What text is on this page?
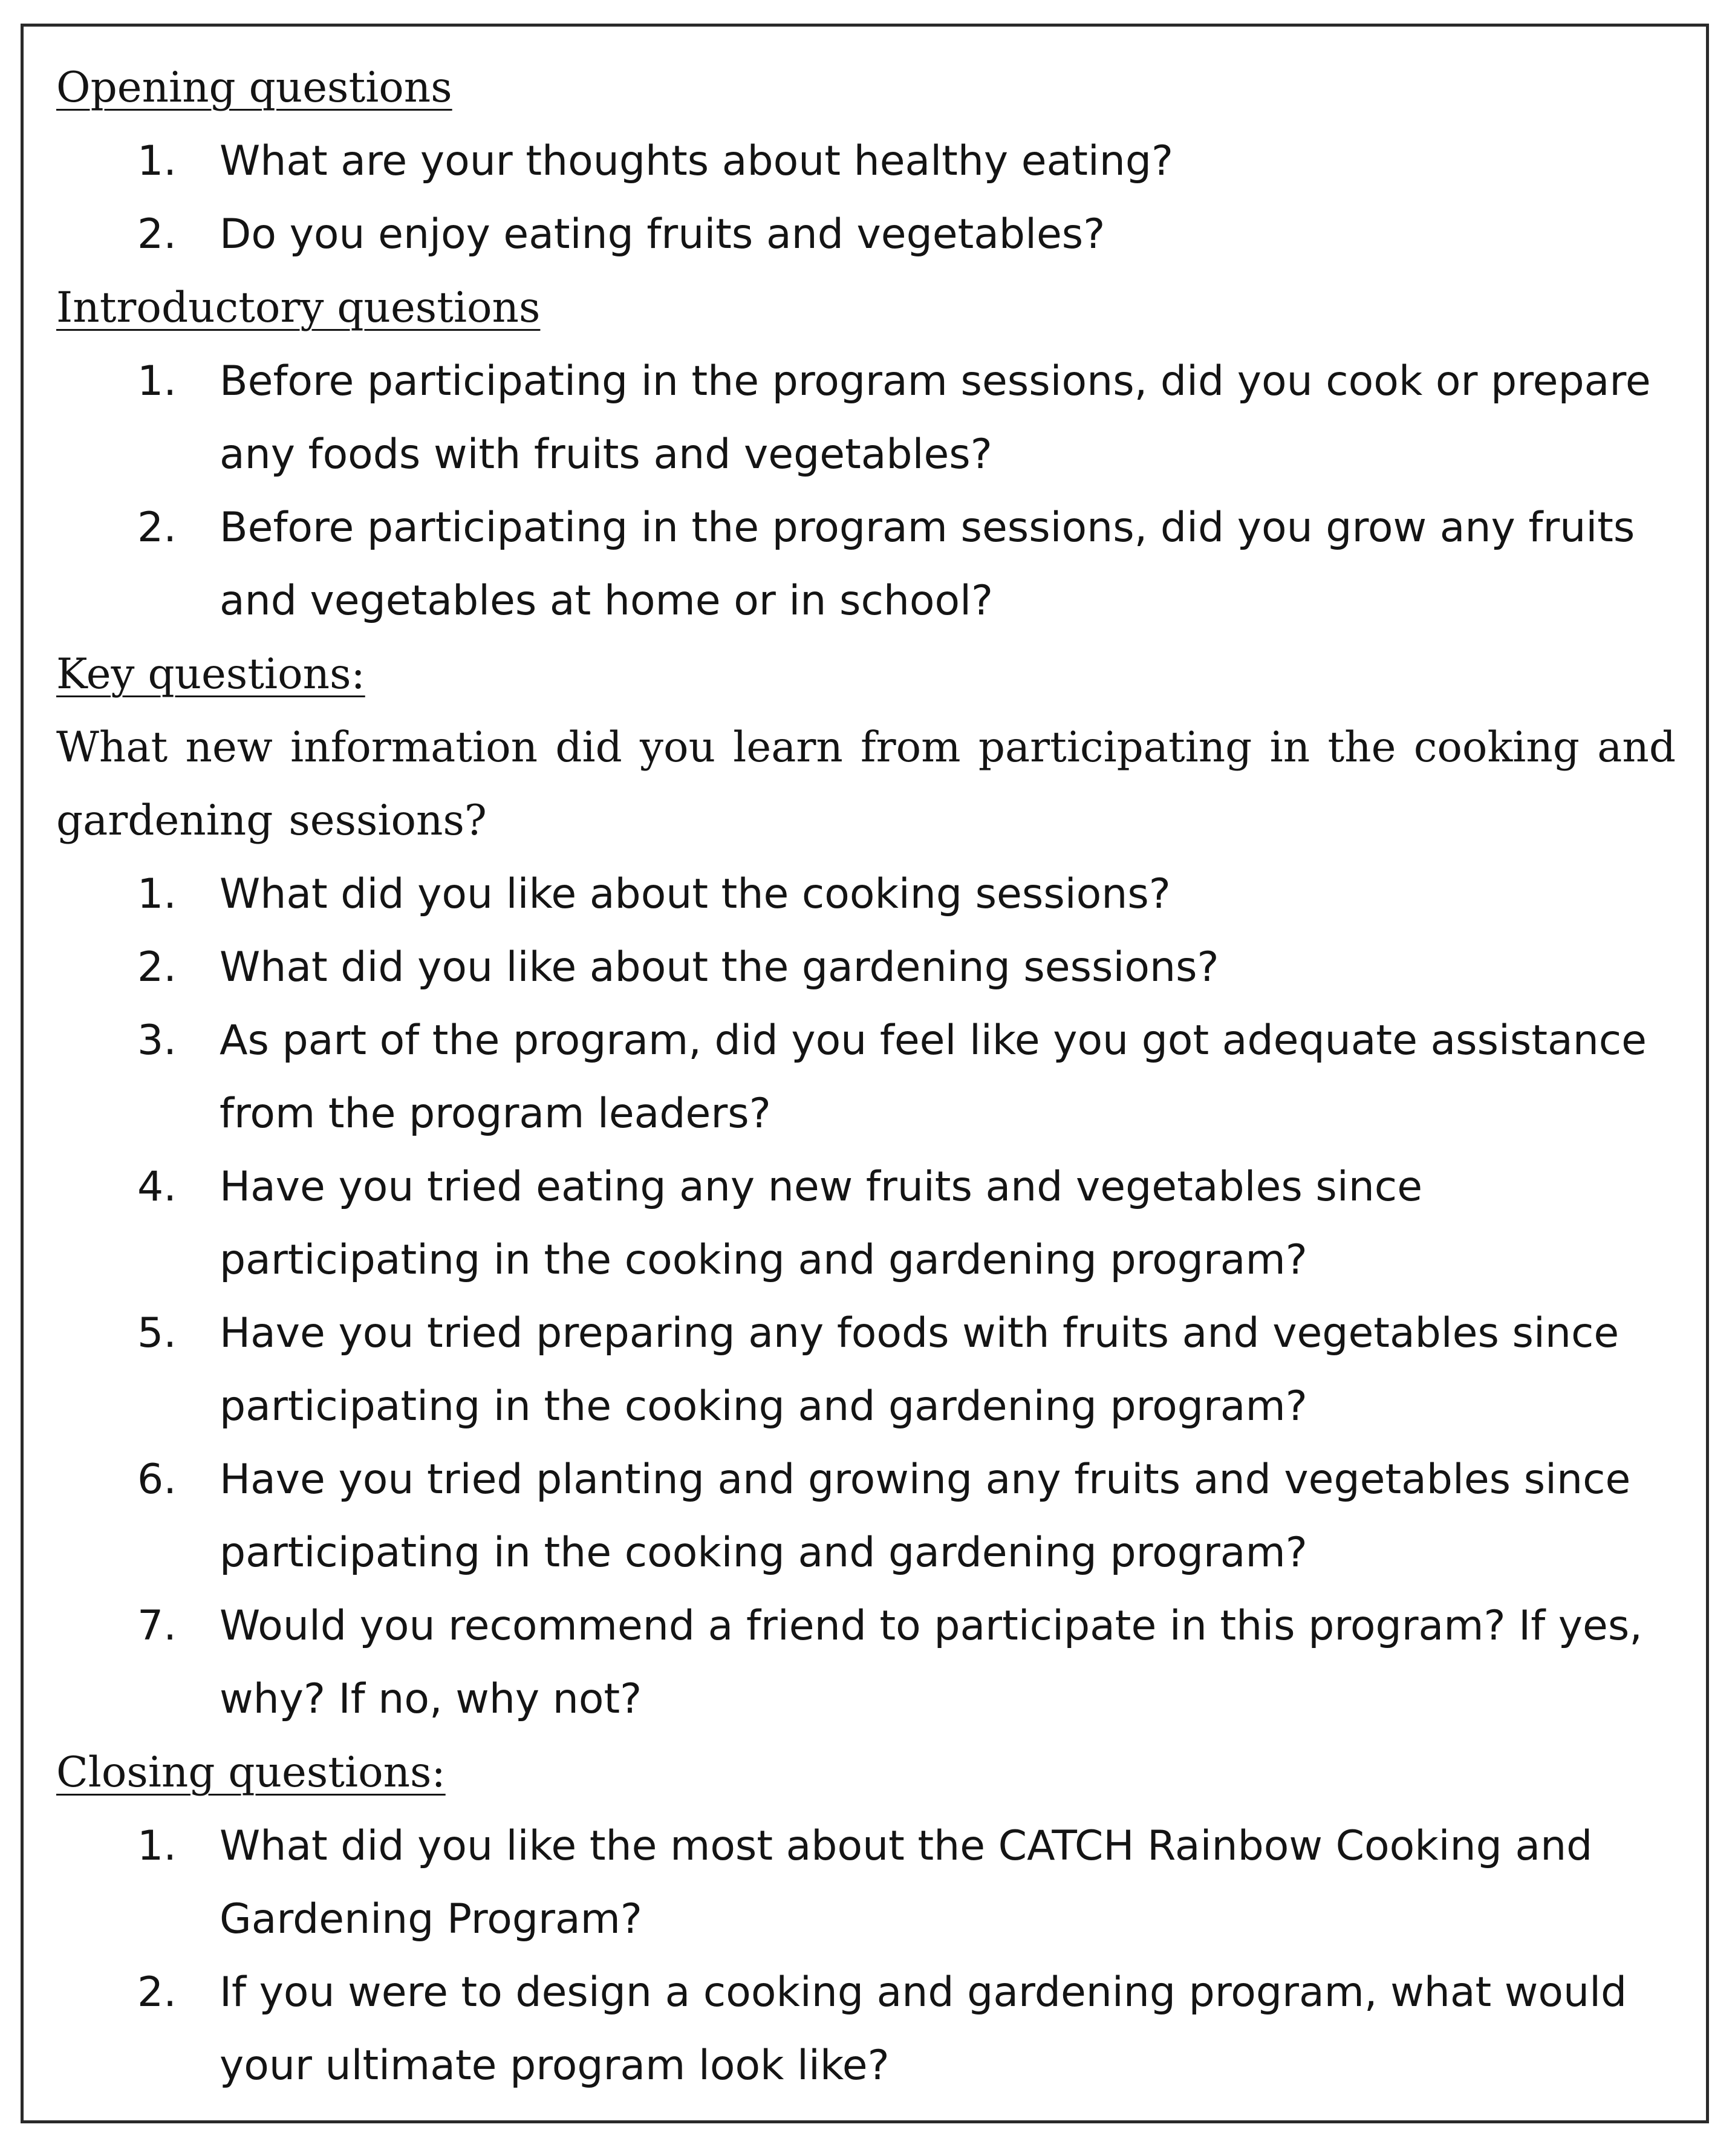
Opening questions
1. What are your thoughts about healthy eating?
2. Do you enjoy eating fruits and vegetables?
Introductory questions
1. Before participating in the program sessions, did you cook or prepare any foods with fruits and vegetables?
2. Before participating in the program sessions, did you grow any fruits and vegetables at home or in school?
Key questions:
What new information did you learn from participating in the cooking and gardening sessions?
1. What did you like about the cooking sessions?
2. What did you like about the gardening sessions?
3. As part of the program, did you feel like you got adequate assistance from the program leaders?
4. Have you tried eating any new fruits and vegetables since participating in the cooking and gardening program?
5. Have you tried preparing any foods with fruits and vegetables since participating in the cooking and gardening program?
6. Have you tried planting and growing any fruits and vegetables since participating in the cooking and gardening program?
7. Would you recommend a friend to participate in this program? If yes, why? If no, why not?
Closing questions:
1. What did you like the most about the CATCH Rainbow Cooking and Gardening Program?
2. If you were to design a cooking and gardening program, what would your ultimate program look like?
